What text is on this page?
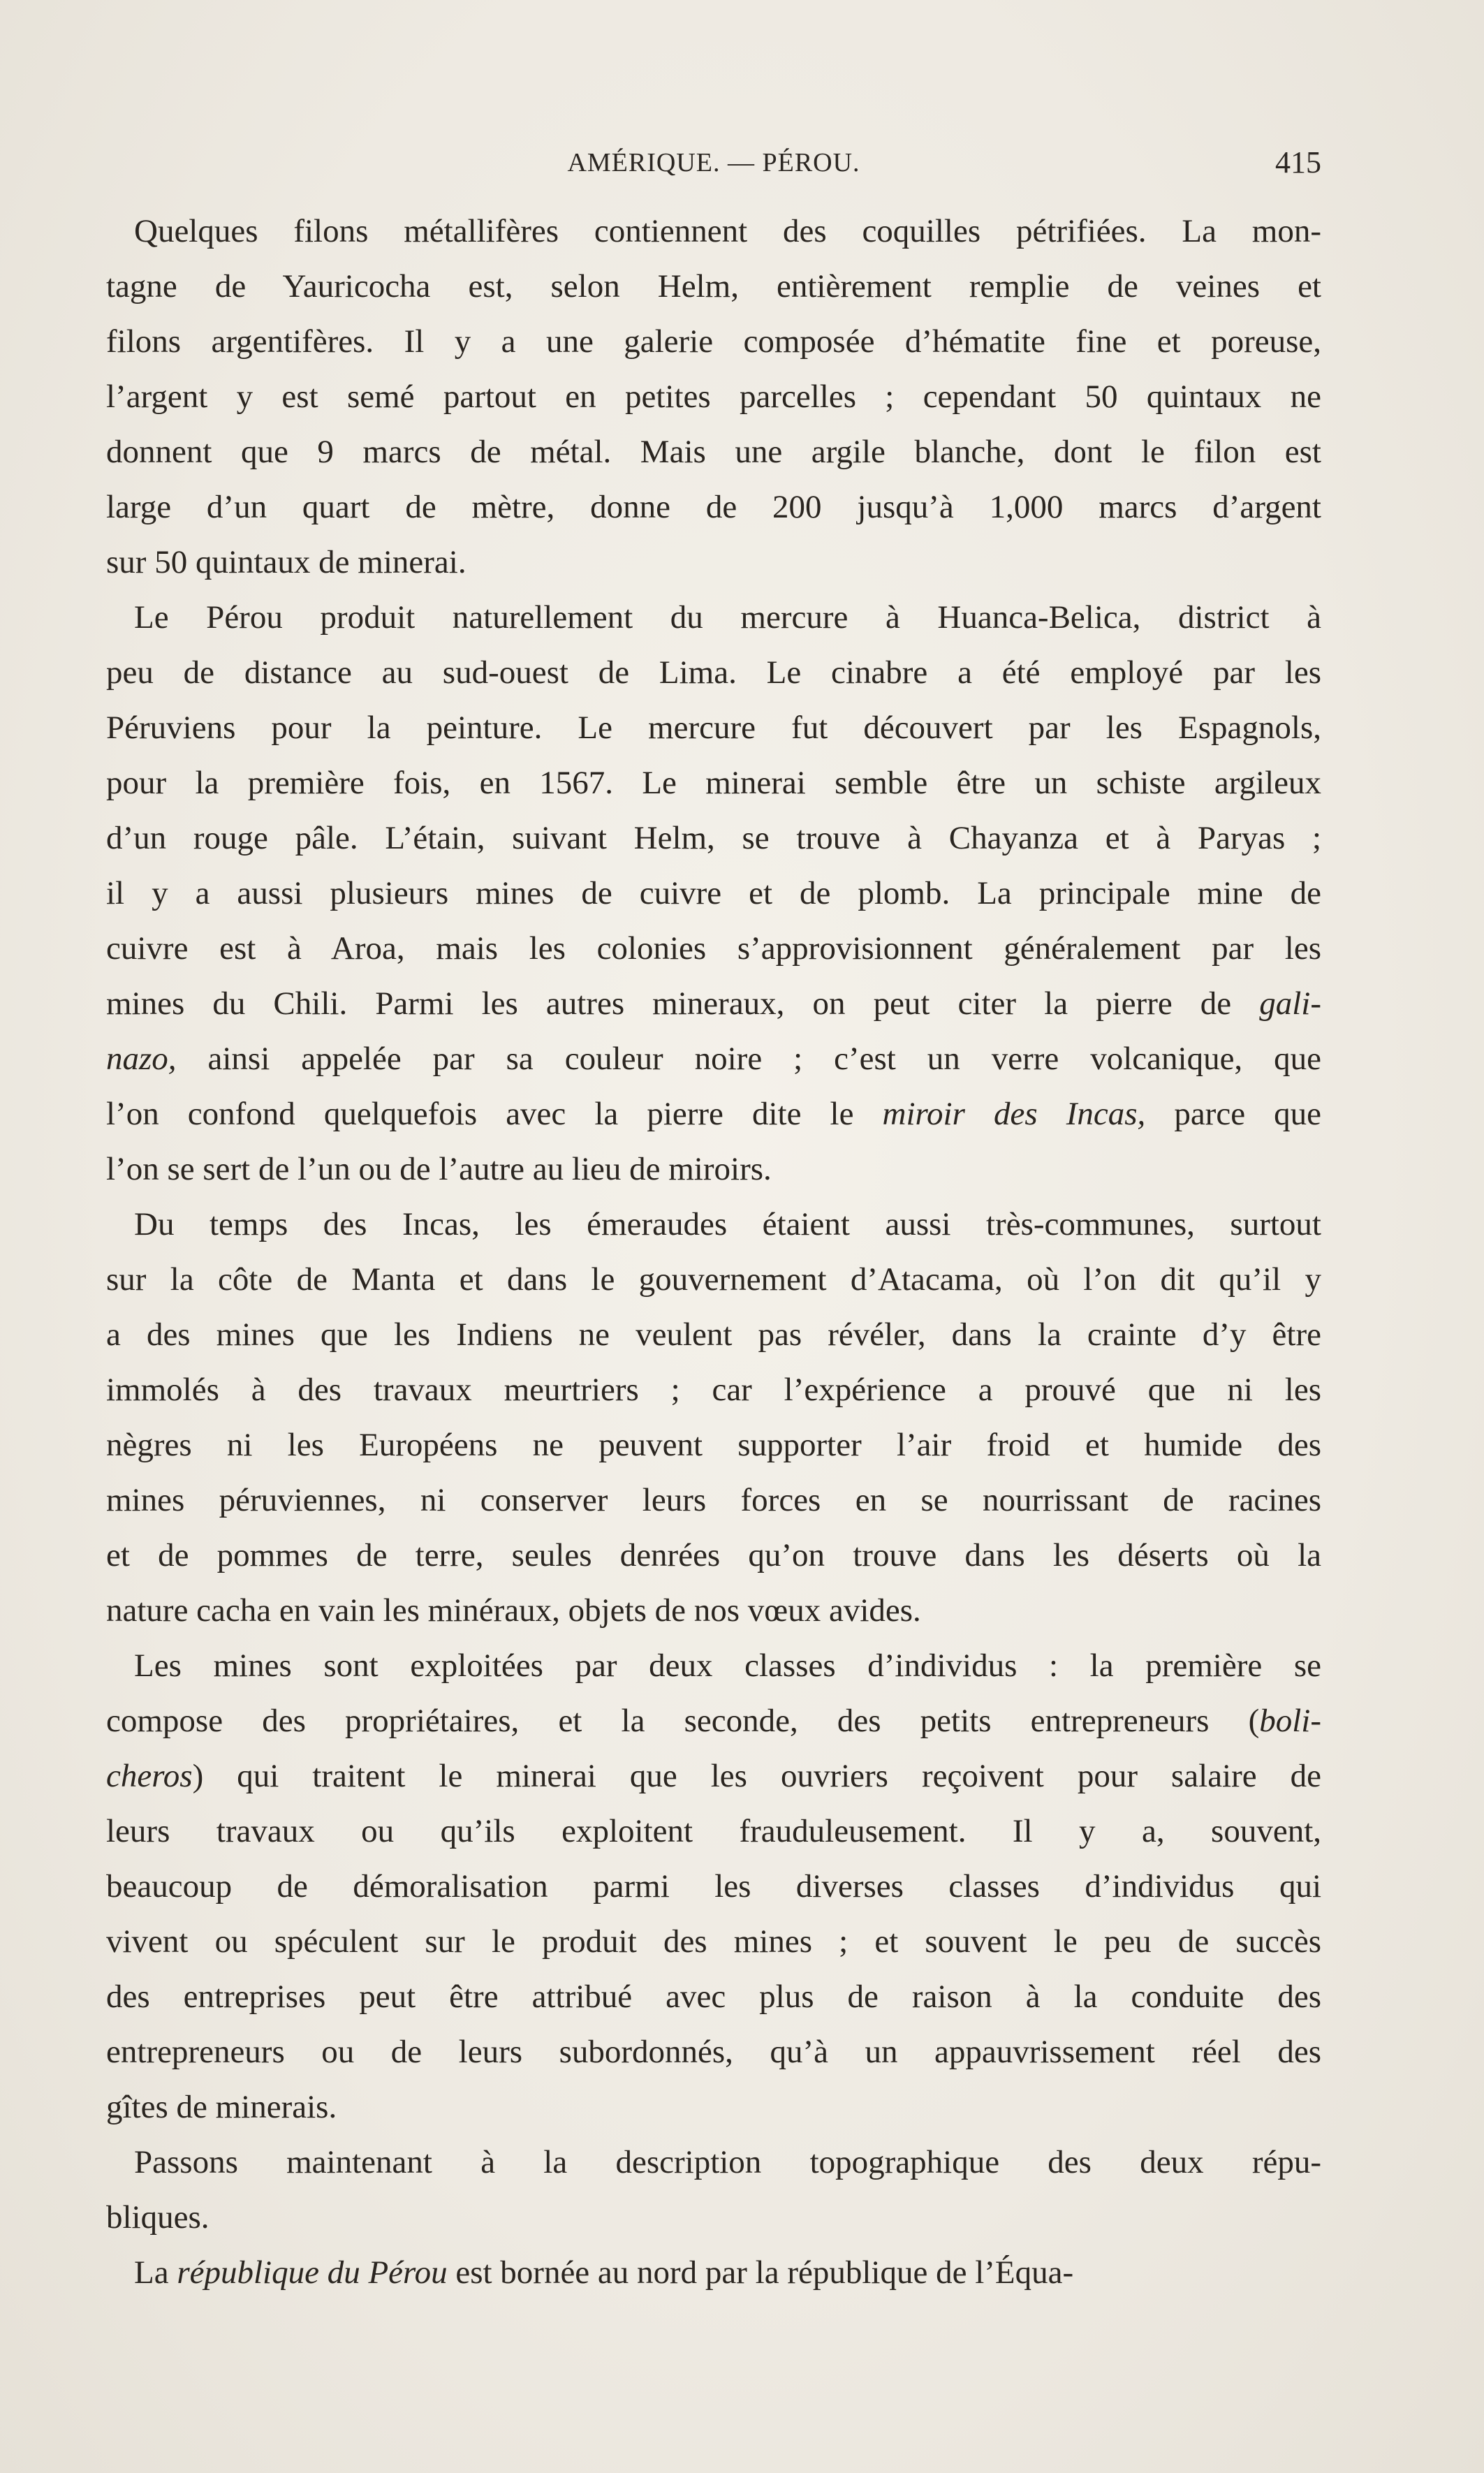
AMÉRIQUE. — PÉROU.	415
Quelques filons métallifères contiennent des coquilles pétrifiées. La mon-
tagne de Yauricocha est, selon Helm, entièrement remplie de veines et
filons argentifères. Il y a une galerie composée d’hématite fine et poreuse,
l’argent y est semé partout en petites parcelles ; cependant 50 quintaux ne
donnent que 9 marcs de métal. Mais une argile blanche, dont le filon est
large d’un quart de mètre, donne de 200 jusqu’à 1,000 marcs d’argent
sur 50 quintaux de minerai.
Le Pérou produit naturellement du mercure à Huanca-Belica, district à
peu de distance au sud-ouest de Lima. Le cinabre a été employé par les
Péruviens pour la peinture. Le mercure fut découvert par les Espagnols,
pour la première fois, en 1567. Le minerai semble être un schiste argileux
d’un rouge pâle. L’étain, suivant Helm, se trouve à Chayanza et à Paryas ;
il y a aussi plusieurs mines de cuivre et de plomb. La principale mine de
cuivre est à Aroa, mais les colonies s’approvisionnent généralement par les
mines du Chili. Parmi les autres mineraux, on peut citer la pierre de gali-
nazo, ainsi appelée par sa couleur noire ; c’est un verre volcanique, que
l’on confond quelquefois avec la pierre dite le miroir des Incas, parce que
l’on se sert de l’un ou de l’autre au lieu de miroirs.
Du temps des Incas, les émeraudes étaient aussi très-communes, surtout
sur la côte de Manta et dans le gouvernement d’Atacama, où l’on dit qu’il y
a des mines que les Indiens ne veulent pas révéler, dans la crainte d’y être
immolés à des travaux meurtriers ; car l’expérience a prouvé que ni les
nègres ni les Européens ne peuvent supporter l’air froid et humide des
mines péruviennes, ni conserver leurs forces en se nourrissant de racines
et de pommes de terre, seules denrées qu’on trouve dans les déserts où la
nature cacha en vain les minéraux, objets de nos vœux avides.
Les mines sont exploitées par deux classes d’individus : la première se
compose des propriétaires, et la seconde, des petits entrepreneurs (boli-
cheros) qui traitent le minerai que les ouvriers reçoivent pour salaire de
leurs travaux ou qu’ils exploitent frauduleusement. Il y a, souvent,
beaucoup de démoralisation parmi les diverses classes d’individus qui
vivent ou spéculent sur le produit des mines ; et souvent le peu de succès
des entreprises peut être attribué avec plus de raison à la conduite des
entrepreneurs ou de leurs subordonnés, qu’à un appauvrissement réel des
gîtes de minerais.
Passons maintenant à la description topographique des deux répu-
bliques.
La république du Pérou est bornée au nord par la république de l’Équa-
